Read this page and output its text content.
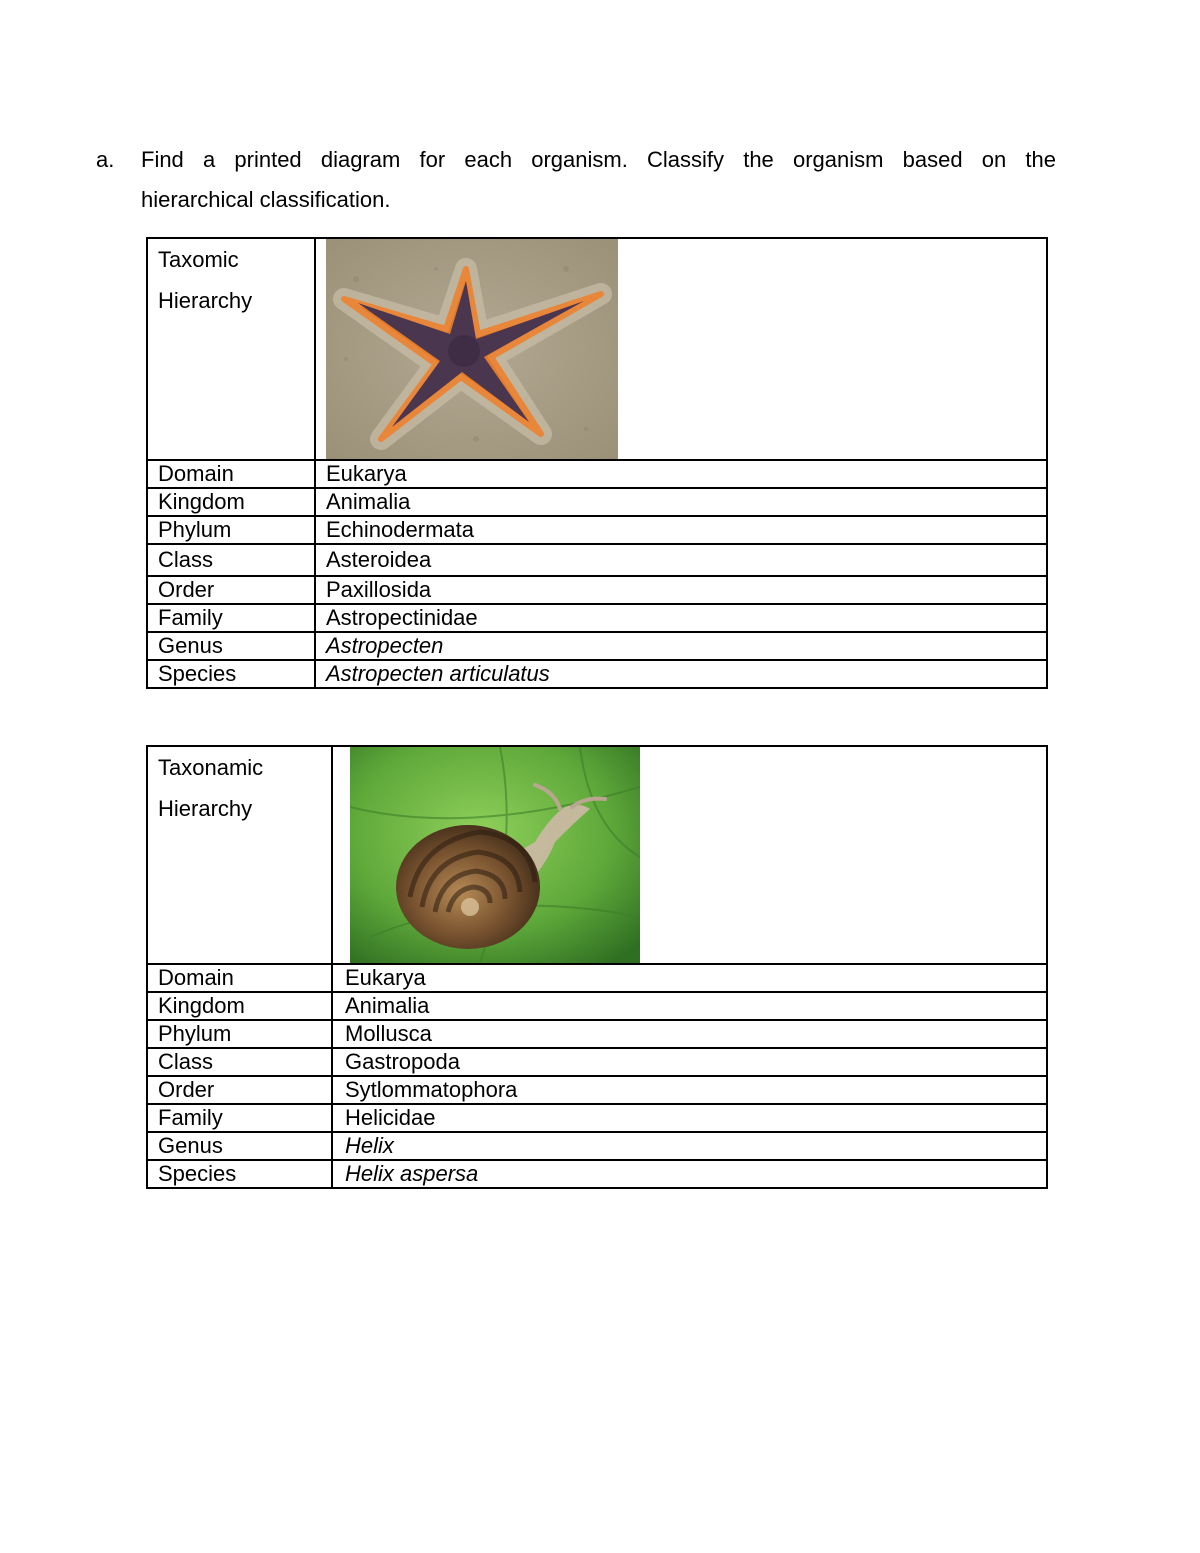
a. Find a printed diagram for each organism. Classify the organism based on the
hierarchical classification.
Taxomic
Hierarchy

Domain	Eukarya
Kingdom	Animalia
Phylum	Echinodermata
Class	Asteroidea
Order	Paxillosida
Family	Astropectinidae
Genus	Astropecten
Species	Astropecten articulatus
Taxonamic
Hierarchy

Domain	Eukarya
Kingdom	Animalia
Phylum	Mollusca
Class	Gastropoda
Order	Sytlommatophora
Family	Helicidae
Genus	Helix
Species	Helix aspersa
